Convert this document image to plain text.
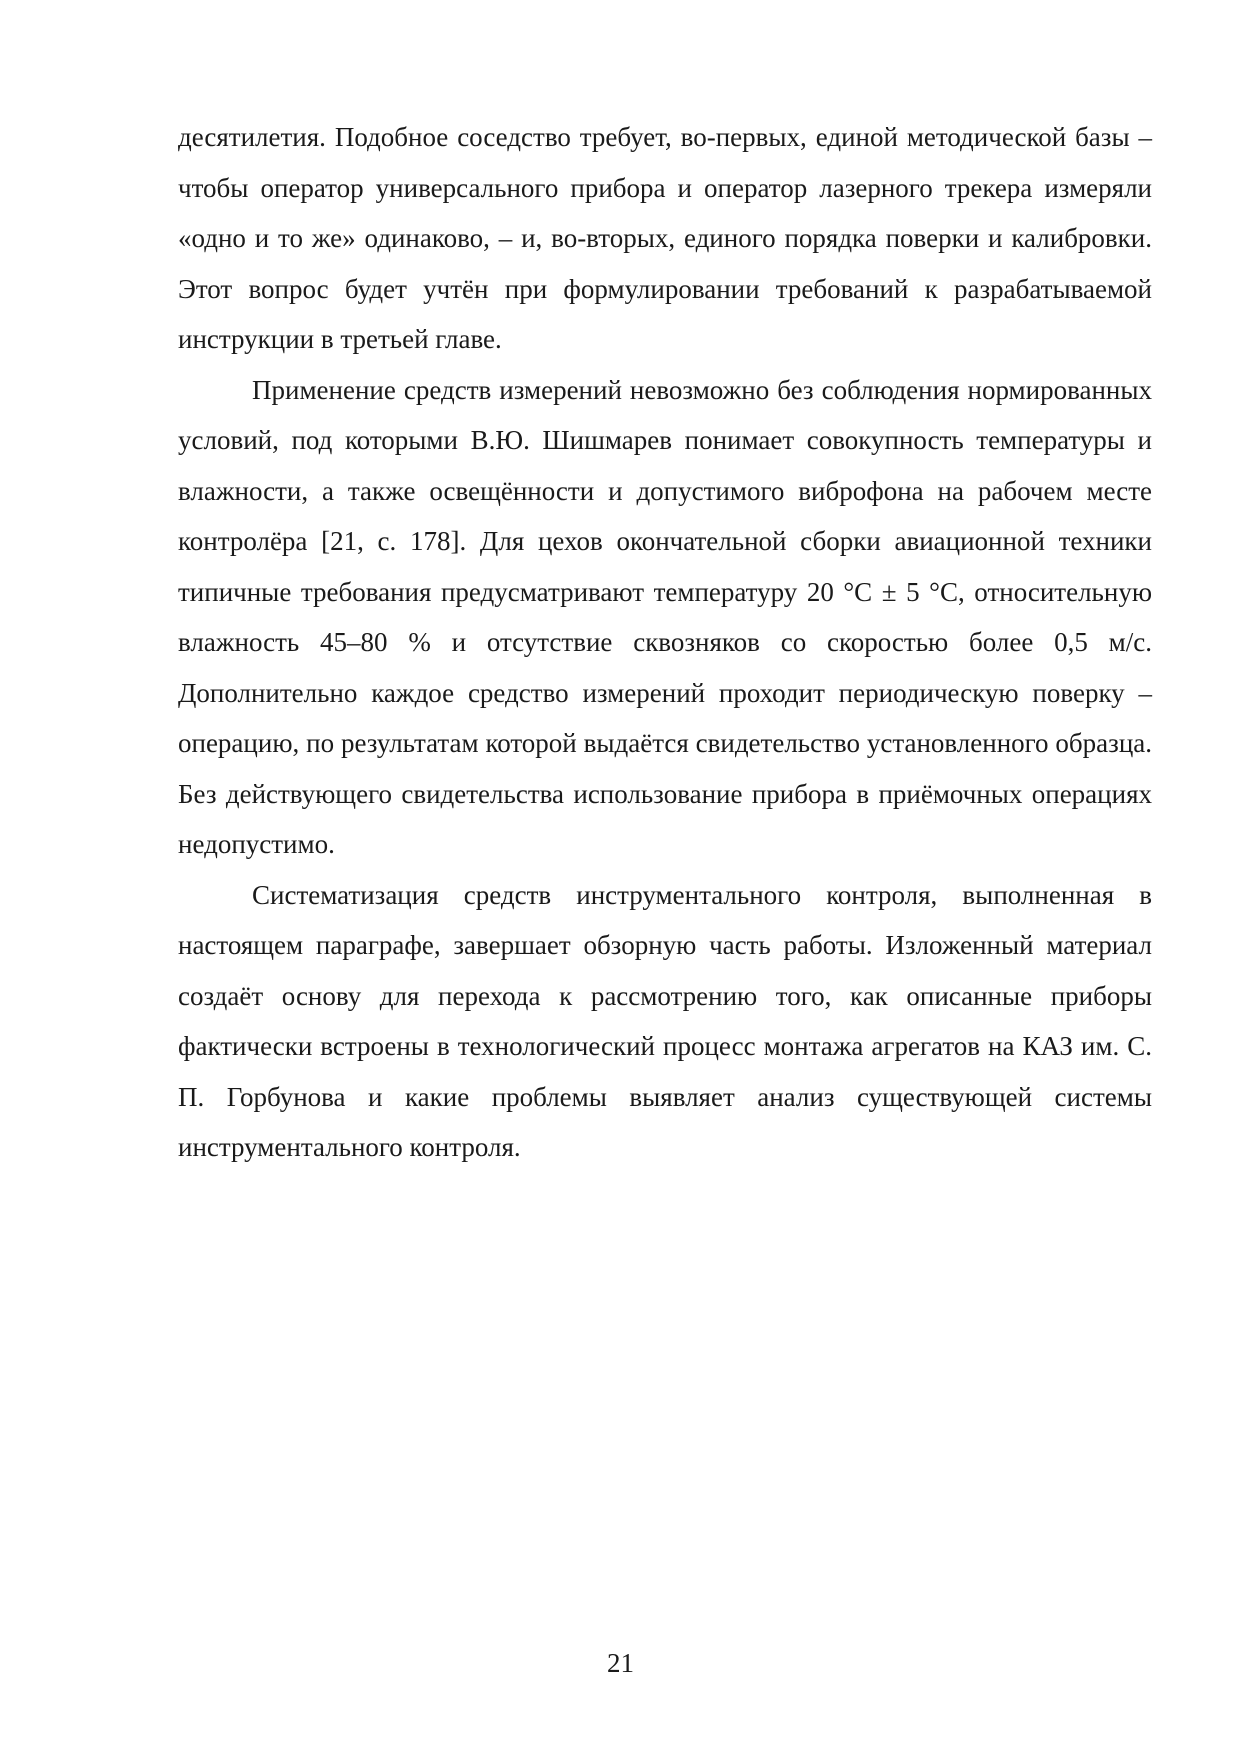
десятилетия. Подобное соседство требует, во-первых, единой методической базы – чтобы оператор универсального прибора и оператор лазерного трекера измеряли «одно и то же» одинаково, – и, во-вторых, единого порядка поверки и калибровки. Этот вопрос будет учтён при формулировании требований к разрабатываемой инструкции в третьей главе.

Применение средств измерений невозможно без соблюдения нормированных условий, под которыми В.Ю. Шишмарев понимает совокупность температуры и влажности, а также освещённости и допустимого виброфона на рабочем месте контролёра [21, с. 178]. Для цехов окончательной сборки авиационной техники типичные требования предусматривают температуру 20 °С ± 5 °С, относительную влажность 45–80 % и отсутствие сквозняков со скоростью более 0,5 м/с. Дополнительно каждое средство измерений проходит периодическую поверку – операцию, по результатам которой выдаётся свидетельство установленного образца. Без действующего свидетельства использование прибора в приёмочных операциях недопустимо.

Систематизация средств инструментального контроля, выполненная в настоящем параграфе, завершает обзорную часть работы. Изложенный материал создаёт основу для перехода к рассмотрению того, как описанные приборы фактически встроены в технологический процесс монтажа агрегатов на КАЗ им. С. П. Горбунова и какие проблемы выявляет анализ существующей системы инструментального контроля.

21
